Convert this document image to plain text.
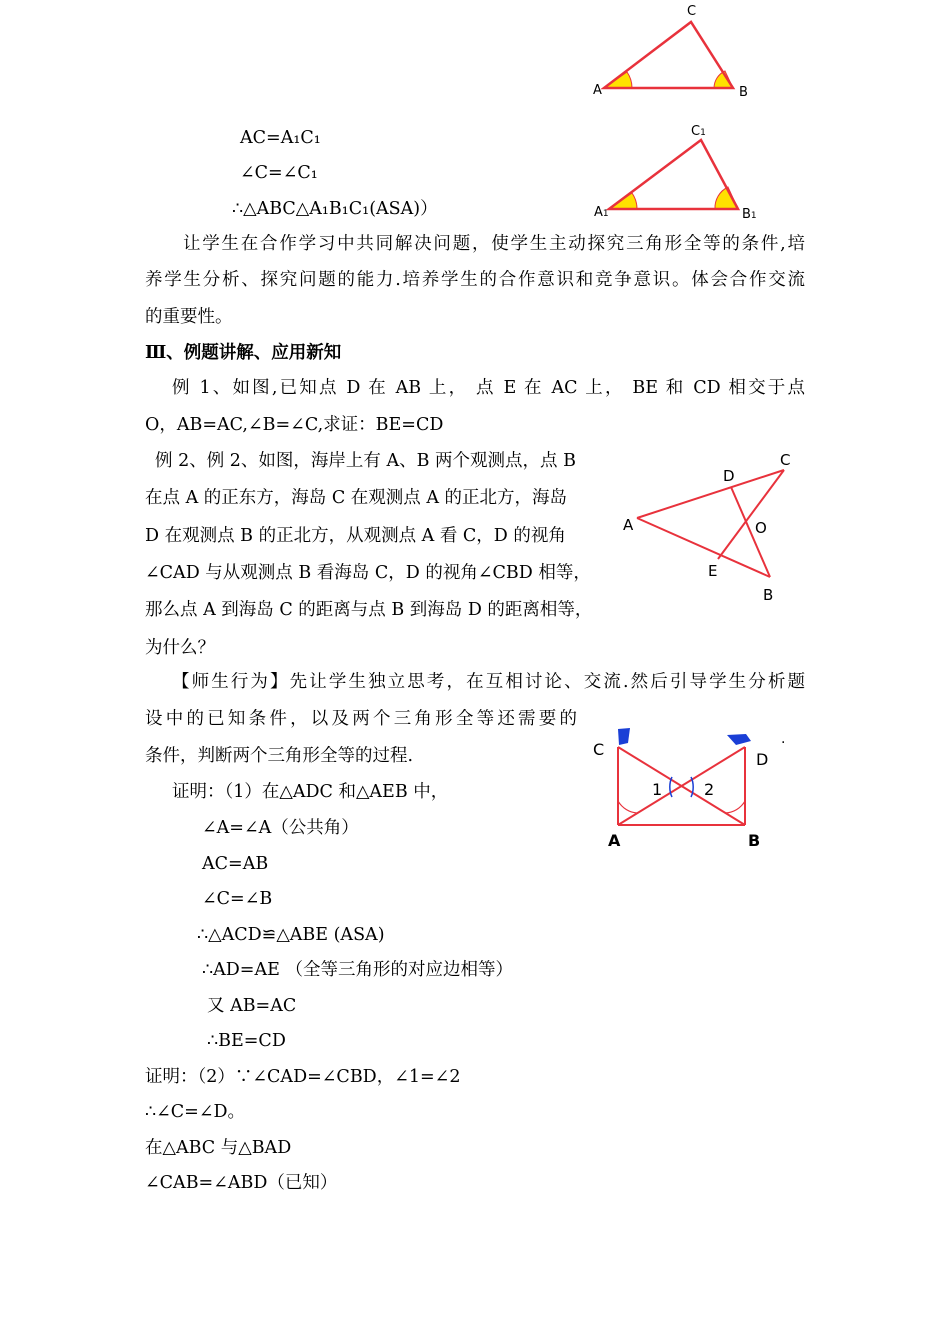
C
A	B
C1
A1	B1
C
D
A	O
E
B
C
D
·
A	B
1	2
AC=A₁C₁
∠C=∠C₁
∴△ABC△A₁B₁C₁(ASA)）
让学生在合作学习中共同解决问题，使学生主动探究三角形全等的条件,培
养学生分析、探究问题的能力.培养学生的合作意识和竞争意识。体会合作交流
的重要性。
Ⅲ、例题讲解、应用新知
例 1、如图,已知点 D 在 AB 上， 点 E 在 AC 上， BE 和 CD 相交于点
O，AB=AC,∠B=∠C,求证：BE=CD
例 2、例 2、如图，海岸上有 A、B 两个观测点，点 B
在点 A 的正东方，海岛 C 在观测点 A 的正北方，海岛
D 在观测点 B 的正北方，从观测点 A 看 C，D 的视角
∠CAD 与从观测点 B 看海岛 C，D 的视角∠CBD 相等，
那么点 A 到海岛 C 的距离与点 B 到海岛 D 的距离相等，
为什么？
【师生行为】先让学生独立思考，在互相讨论、交流.然后引导学生分析题
设中的已知条件，以及两个三角形全等还需要的
条件，判断两个三角形全等的过程.
证明：（1）在△ADC 和△AEB 中，
∠A=∠A（公共角）
AC=AB
∠C=∠B
∴△ACD≌△ABE (ASA)
∴AD=AE （全等三角形的对应边相等）
又 AB=AC
∴BE=CD
证明：（2）∵∠CAD=∠CBD，∠1=∠2
∴∠C=∠D。
在△ABC 与△BAD
∠CAB=∠ABD（已知）
